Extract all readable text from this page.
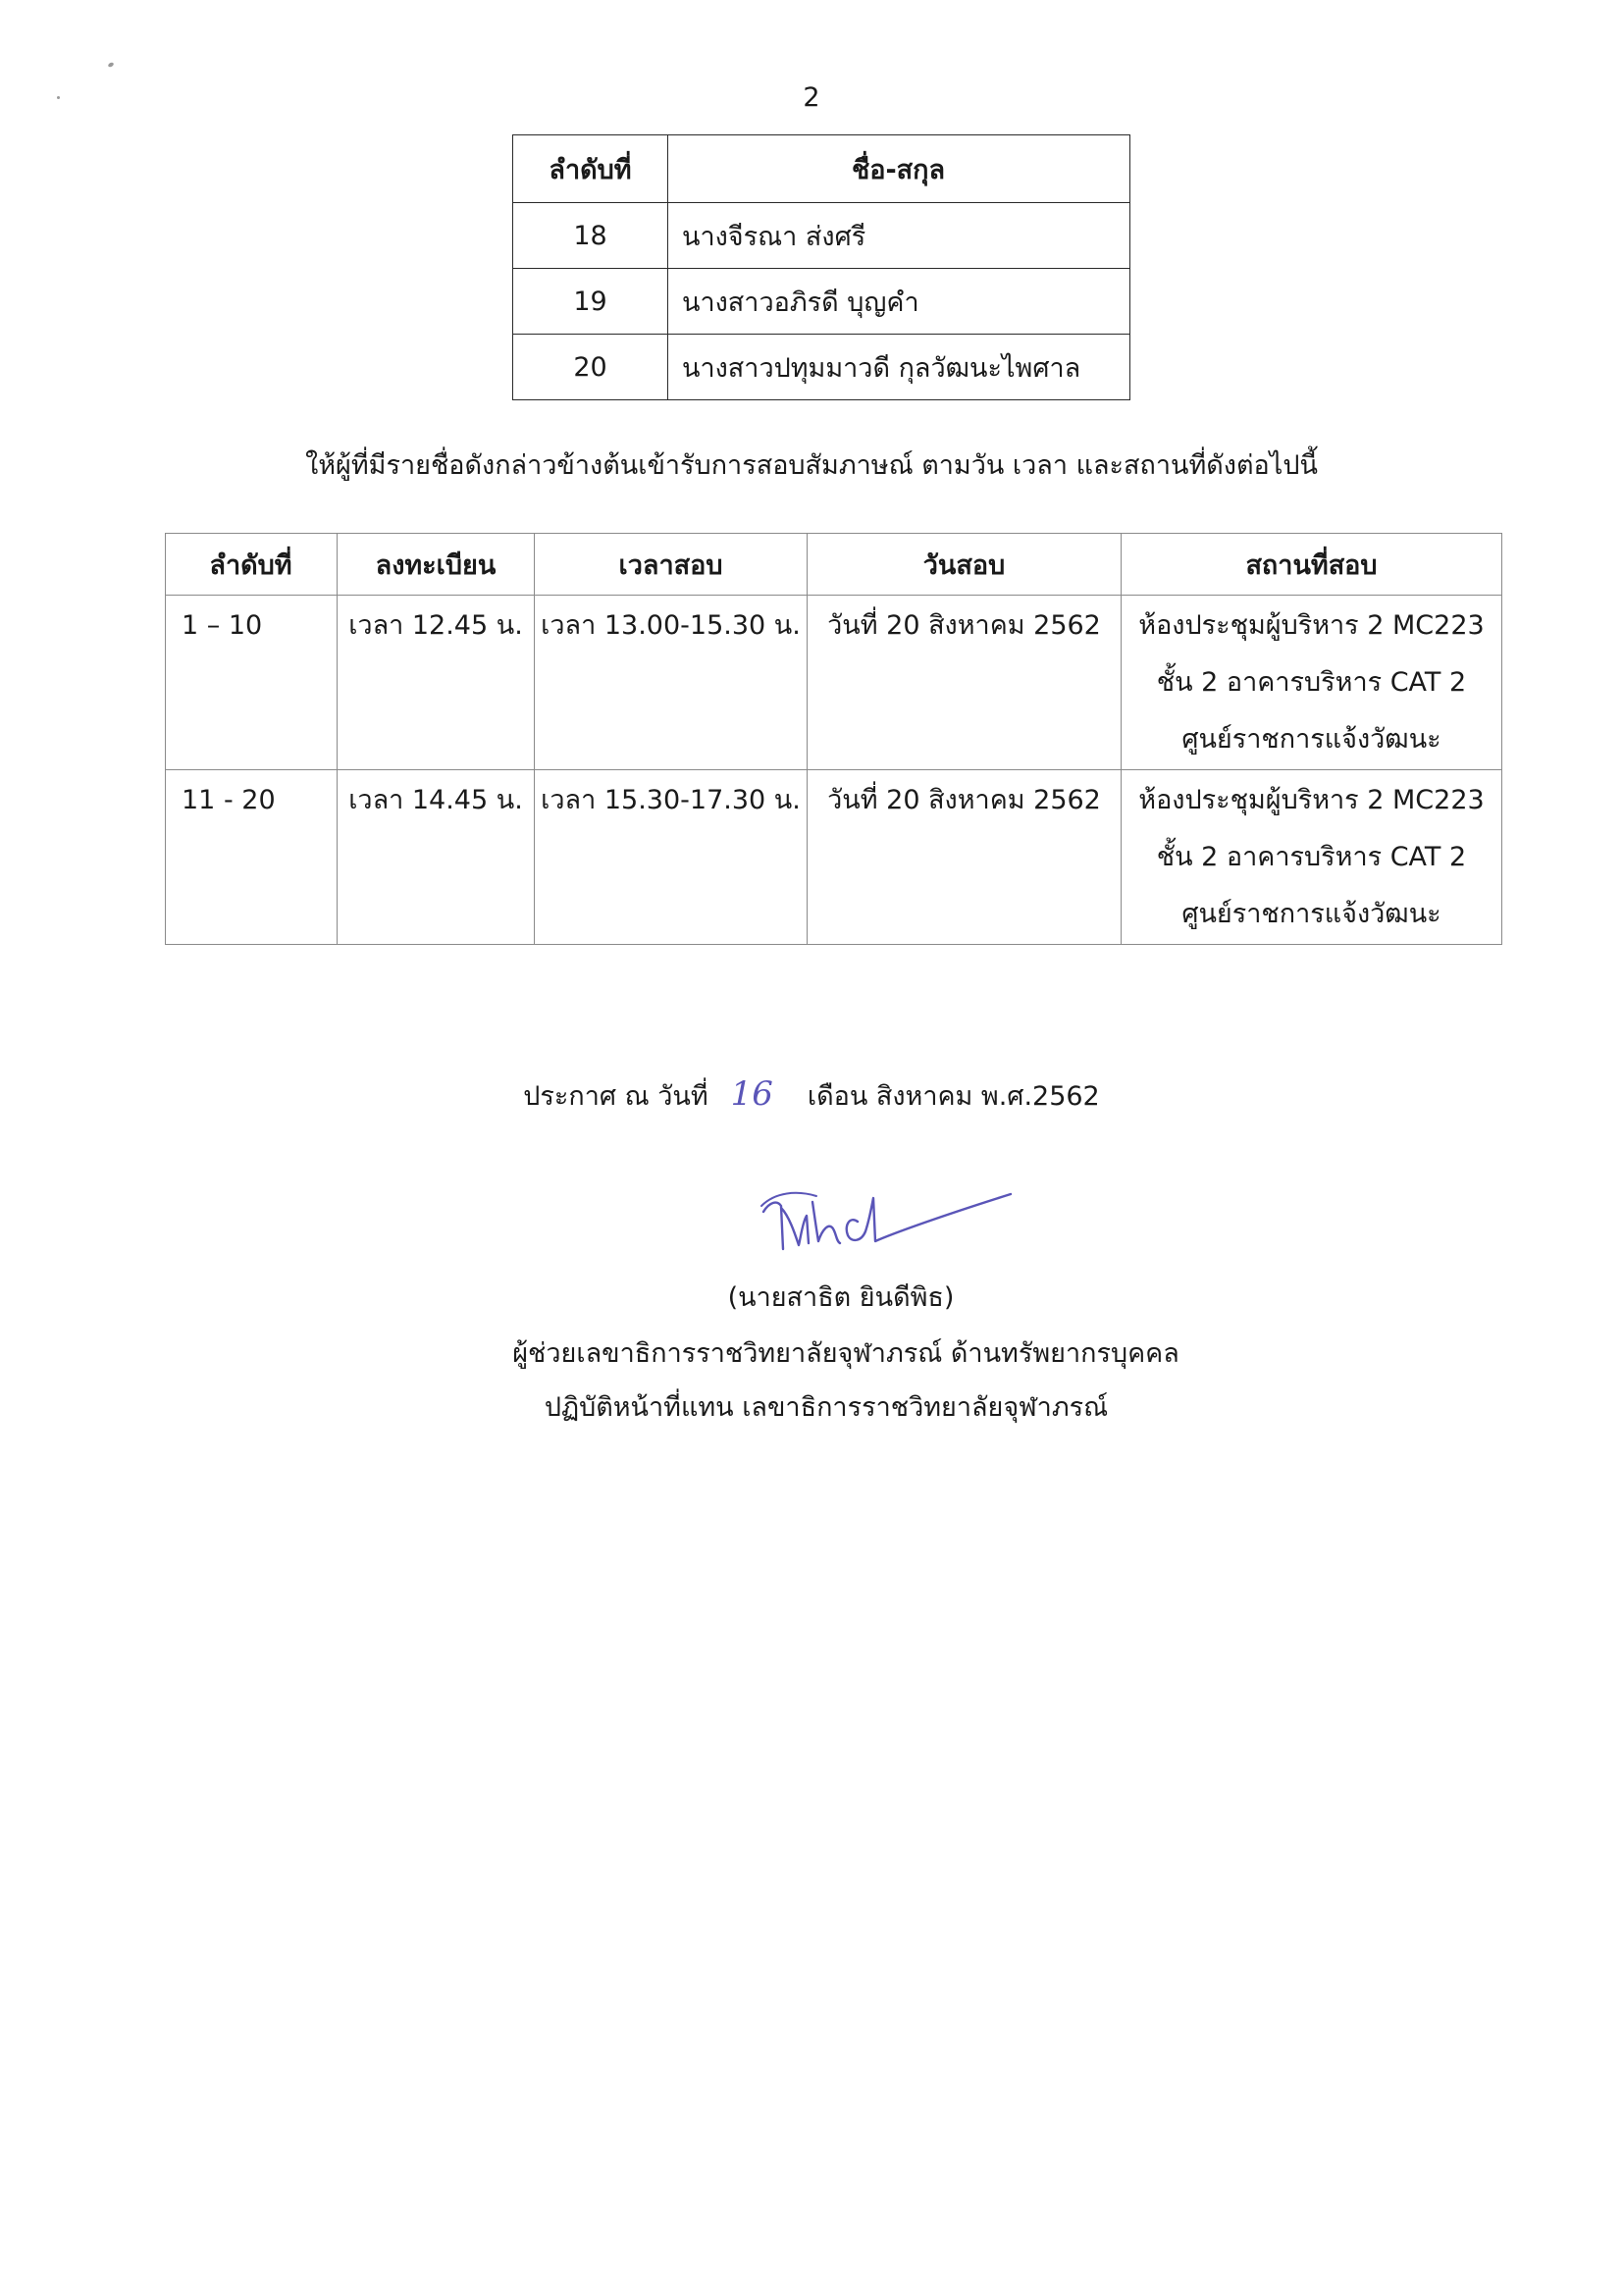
2
ลำดับที่	ชื่อ-สกุล
18	นางจีรณา ส่งศรี
19	นางสาวอภิรดี บุญคำ
20	นางสาวปทุมมาวดี กุลวัฒนะไพศาล
ให้ผู้ที่มีรายชื่อดังกล่าวข้างต้นเข้ารับการสอบสัมภาษณ์ ตามวัน เวลา และสถานที่ดังต่อไปนี้
ลำดับที่	ลงทะเบียน	เวลาสอบ	วันสอบ	สถานที่สอบ
1 – 10	เวลา 12.45 น.	เวลา 13.00-15.30 น.	วันที่ 20 สิงหาคม 2562	ห้องประชุมผู้บริหาร 2 MC223
ชั้น 2 อาคารบริหาร CAT 2
ศูนย์ราชการแจ้งวัฒนะ

11 - 20	เวลา 14.45 น.	เวลา 15.30-17.30 น.	วันที่ 20 สิงหาคม 2562	ห้องประชุมผู้บริหาร 2 MC223
ชั้น 2 อาคารบริหาร CAT 2
ศูนย์ราชการแจ้งวัฒนะ
ประกาศ ณ วันที่ 16 เดือน สิงหาคม พ.ศ.2562
(นายสาธิต ยินดีพิธ)
ผู้ช่วยเลขาธิการราชวิทยาลัยจุฬาภรณ์ ด้านทรัพยากรบุคคล
ปฏิบัติหน้าที่แทน เลขาธิการราชวิทยาลัยจุฬาภรณ์
